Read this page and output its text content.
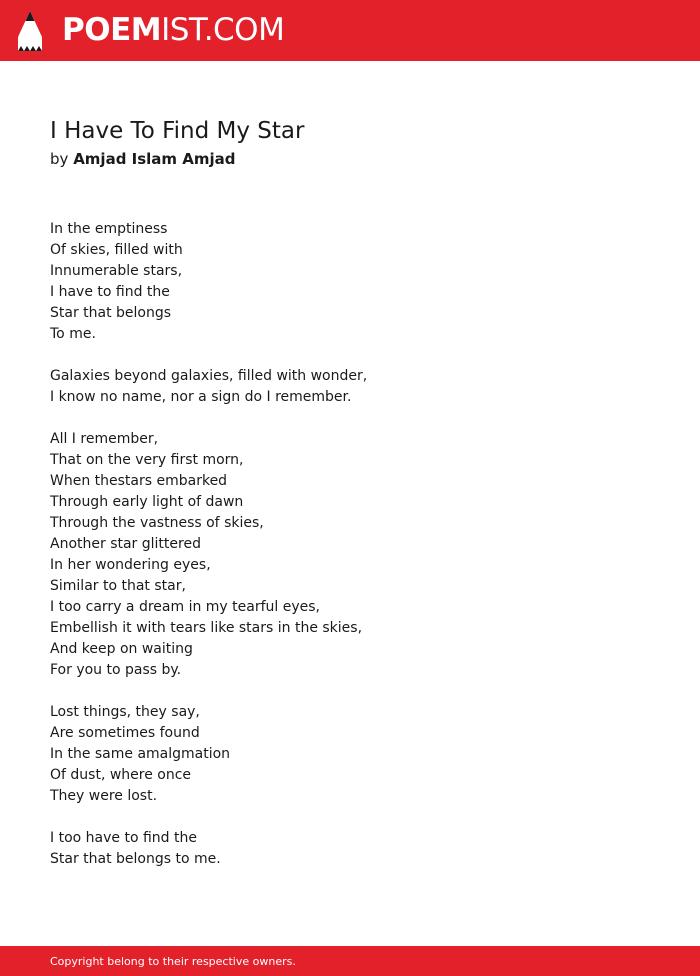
POEMIST.COM
I Have To Find My Star
by Amjad Islam Amjad
In the emptiness
Of skies, filled with
Innumerable stars,
I have to find the
Star that belongs
To me.
Galaxies beyond galaxies, filled with wonder,
I know no name, nor a sign do I remember.
All I remember,
That on the very first morn,
When thestars embarked
Through early light of dawn
Through the vastness of skies,
Another star glittered
In her wondering eyes,
Similar to that star,
I too carry a dream in my tearful eyes,
Embellish it with tears like stars in the skies,
And keep on waiting
For you to pass by.
Lost things, they say,
Are sometimes found
In the same amalgmation
Of dust, where once
They were lost.
I too have to find the
Star that belongs to me.
Copyright belong to their respective owners.
